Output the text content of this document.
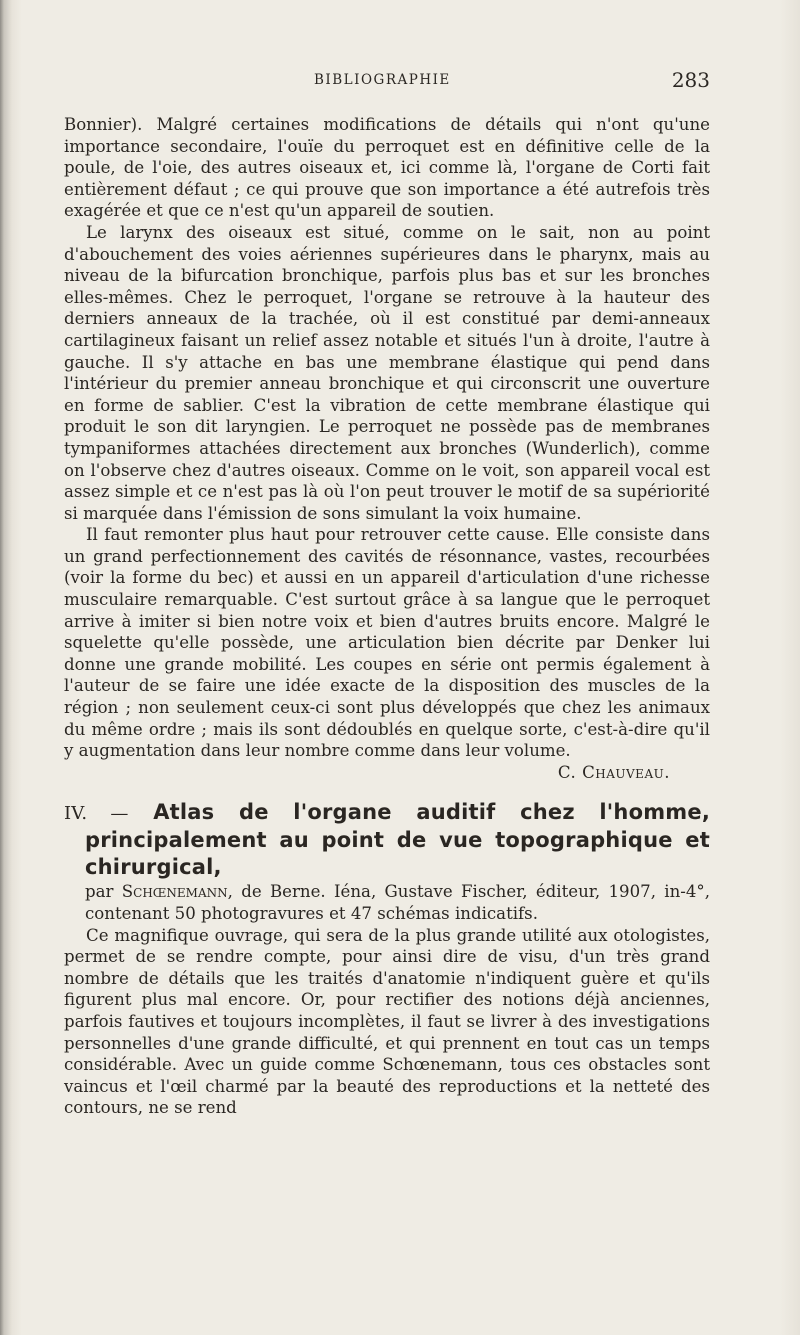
BIBLIOGRAPHIE	283

Bonnier). Malgré certaines modifications de détails qui n'ont qu'une importance secondaire, l'ouïe du perroquet est en définitive celle de la poule, de l'oie, des autres oiseaux et, ici comme là, l'organe de Corti fait entièrement défaut ; ce qui prouve que son importance a été autrefois très exagérée et que ce n'est qu'un appareil de soutien.

Le larynx des oiseaux est situé, comme on le sait, non au point d'abouchement des voies aériennes supérieures dans le pharynx, mais au niveau de la bifurcation bronchique, parfois plus bas et sur les bronches elles-mêmes. Chez le perroquet, l'organe se retrouve à la hauteur des derniers anneaux de la trachée, où il est constitué par demi-anneaux cartilagineux faisant un relief assez notable et situés l'un à droite, l'autre à gauche. Il s'y attache en bas une membrane élastique qui pend dans l'intérieur du premier anneau bronchique et qui circonscrit une ouverture en forme de sablier. C'est la vibration de cette membrane élastique qui produit le son dit laryngien. Le perroquet ne possède pas de membranes tympaniformes attachées directement aux bronches (Wunderlich), comme on l'observe chez d'autres oiseaux. Comme on le voit, son appareil vocal est assez simple et ce n'est pas là où l'on peut trouver le motif de sa supériorité si marquée dans l'émission de sons simulant la voix humaine.

Il faut remonter plus haut pour retrouver cette cause. Elle consiste dans un grand perfectionnement des cavités de résonnance, vastes, recourbées (voir la forme du bec) et aussi en un appareil d'articulation d'une richesse musculaire remarquable. C'est surtout grâce à sa langue que le perroquet arrive à imiter si bien notre voix et bien d'autres bruits encore. Malgré le squelette qu'elle possède, une articulation bien décrite par Denker lui donne une grande mobilité. Les coupes en série ont permis également à l'auteur de se faire une idée exacte de la disposition des muscles de la région ; non seulement ceux-ci sont plus développés que chez les animaux du même ordre ; mais ils sont dédoublés en quelque sorte, c'est-à-dire qu'il y augmentation dans leur nombre comme dans leur volume.

C. Chauveau.

IV. — Atlas de l'organe auditif chez l'homme, principalement au point de vue topographique et chirurgical,
par Schœnemann, de Berne. Iéna, Gustave Fischer, éditeur, 1907, in-4°, contenant 50 photogravures et 47 schémas indicatifs.

Ce magnifique ouvrage, qui sera de la plus grande utilité aux otologistes, permet de se rendre compte, pour ainsi dire de visu, d'un très grand nombre de détails que les traités d'anatomie n'indiquent guère et qu'ils figurent plus mal encore. Or, pour rectifier des notions déjà anciennes, parfois fautives et toujours incomplètes, il faut se livrer à des investigations personnelles d'une grande difficulté, et qui prennent en tout cas un temps considérable. Avec un guide comme Schœnemann, tous ces obstacles sont vaincus et l'œil charmé par la beauté des reproductions et la netteté des contours, ne se rend
